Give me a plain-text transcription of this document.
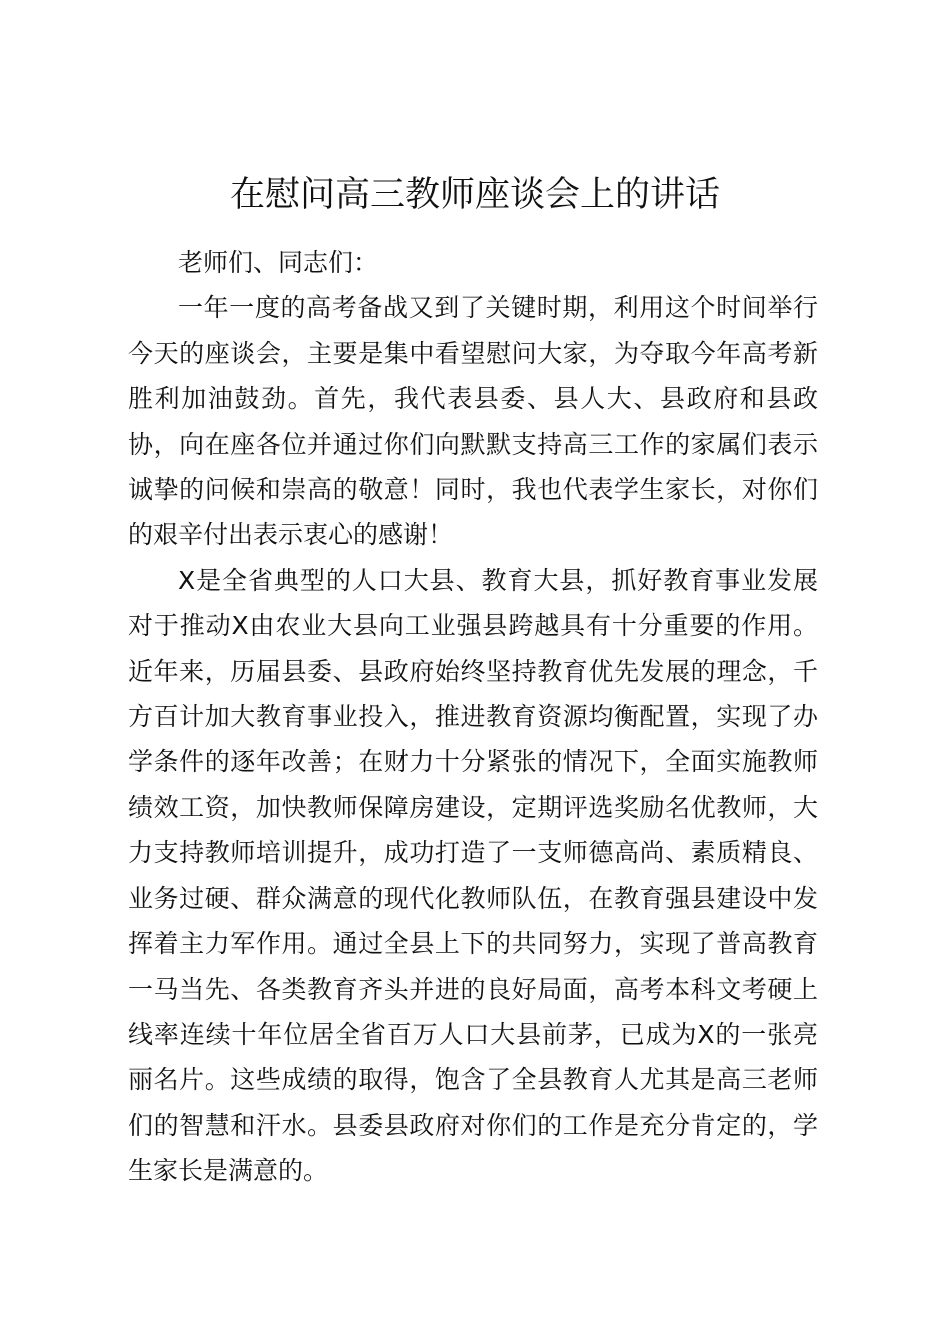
在慰问高三教师座谈会上的讲话

老师们、同志们：

一年一度的高考备战又到了关键时期，利用这个时间举行今天的座谈会，主要是集中看望慰问大家，为夺取今年高考新胜利加油鼓劲。首先，我代表县委、县人大、县政府和县政协，向在座各位并通过你们向默默支持高三工作的家属们表示诚挚的问候和崇高的敬意！同时，我也代表学生家长，对你们的艰辛付出表示衷心的感谢！

X是全省典型的人口大县、教育大县，抓好教育事业发展对于推动X由农业大县向工业强县跨越具有十分重要的作用。近年来，历届县委、县政府始终坚持教育优先发展的理念，千方百计加大教育事业投入，推进教育资源均衡配置，实现了办学条件的逐年改善；在财力十分紧张的情况下，全面实施教师绩效工资，加快教师保障房建设，定期评选奖励名优教师，大力支持教师培训提升，成功打造了一支师德高尚、素质精良、业务过硬、群众满意的现代化教师队伍，在教育强县建设中发挥着主力军作用。通过全县上下的共同努力，实现了普高教育一马当先、各类教育齐头并进的良好局面，高考本科文考硬上线率连续十年位居全省百万人口大县前茅，已成为X的一张亮丽名片。这些成绩的取得，饱含了全县教育人尤其是高三老师们的智慧和汗水。县委县政府对你们的工作是充分肯定的，学生家长是满意的。
